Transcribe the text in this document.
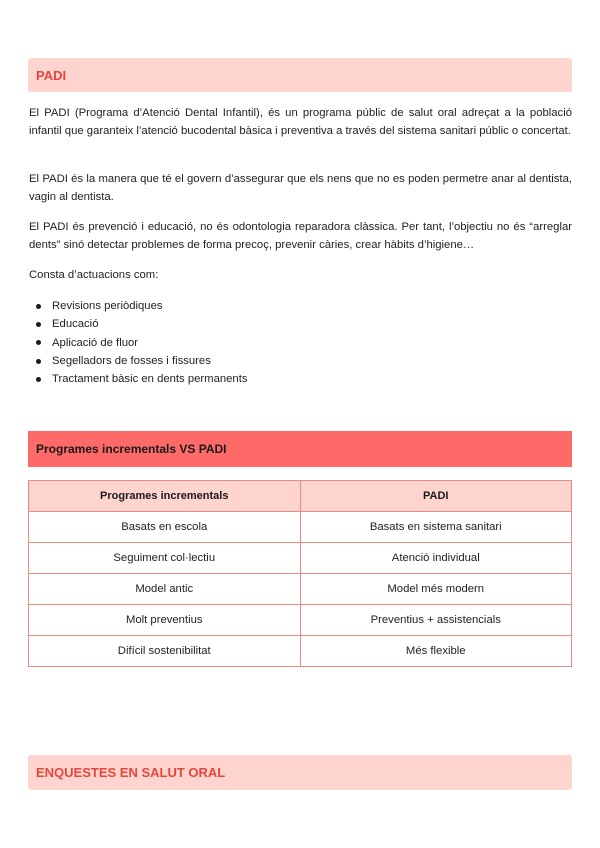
PADI

El PADI (Programa d’Atenció Dental Infantil), és un programa públic de salut oral adreçat a la població infantil que garanteix l’atenció bucodental bàsica i preventiva a través del sistema sanitari públic o concertat.

El PADI és la manera que té el govern d’assegurar que els nens que no es poden permetre anar al dentista, vagin al dentista.

El PADI és prevenció i educació, no és odontologia reparadora clàssica. Per tant, l’objectiu no és “arreglar dents” sinó detectar problemes de forma precoç, prevenir càries, crear hàbits d’higiene…

Consta d’actuacions com:

Revisions periòdiques
Educació
Aplicació de fluor
Segelladors de fosses i fissures
Tractament bàsic en dents permanents
Programes incrementals VS PADI
Programes incrementals	PADI
Basats en escola	Basats en sistema sanitari
Seguiment col·lectiu	Atenció individual
Model antic	Model més modern
Molt preventius	Preventius + assistencials
Difícil sostenibilitat	Més flexible
ENQUESTES EN SALUT ORAL
